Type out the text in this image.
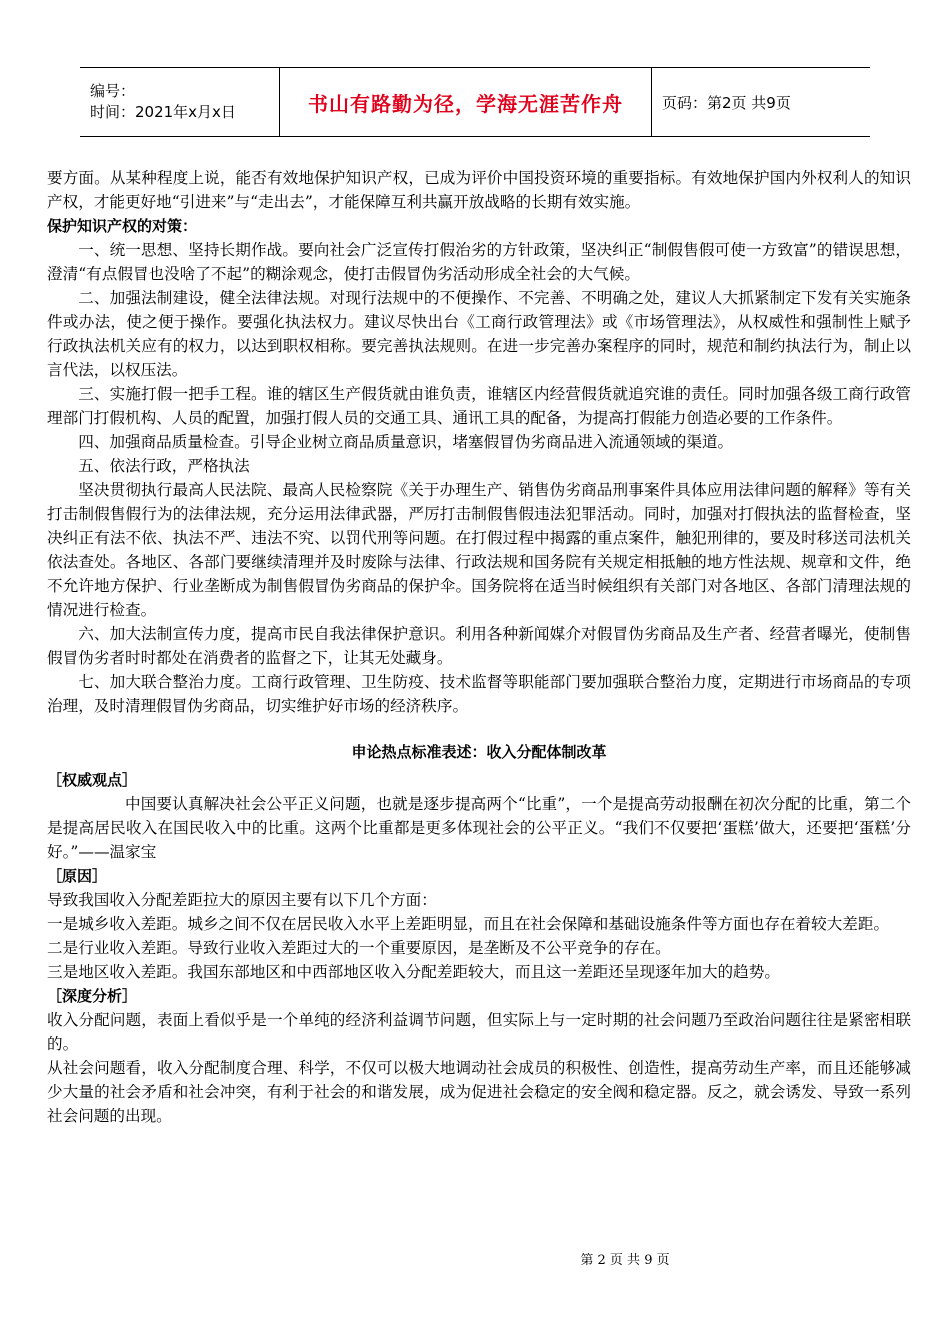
编号：
时间：2021年x月x日	书山有路勤为径，学海无涯苦作舟	页码：第2页 共9页

要方面。从某种程度上说，能否有效地保护知识产权，已成为评价中国投资环境的重要指标。有效地保护国内外权利人的知识产权，才能更好地“引进来”与“走出去”，才能保障互利共赢开放战略的长期有效实施。

保护知识产权的对策：

一、统一思想、坚持长期作战。要向社会广泛宣传打假治劣的方针政策，坚决纠正“制假售假可使一方致富”的错误思想，澄清“有点假冒也没啥了不起”的糊涂观念，使打击假冒伪劣活动形成全社会的大气候。

二、加强法制建设，健全法律法规。对现行法规中的不便操作、不完善、不明确之处，建议人大抓紧制定下发有关实施条件或办法，使之便于操作。要强化执法权力。建议尽快出台《工商行政管理法》或《市场管理法》，从权威性和强制性上赋予行政执法机关应有的权力，以达到职权相称。要完善执法规则。在进一步完善办案程序的同时，规范和制约执法行为，制止以言代法，以权压法。

三、实施打假一把手工程。谁的辖区生产假货就由谁负责，谁辖区内经营假货就追究谁的责任。同时加强各级工商行政管理部门打假机构、人员的配置，加强打假人员的交通工具、通讯工具的配备，为提高打假能力创造必要的工作条件。

四、加强商品质量检查。引导企业树立商品质量意识，堵塞假冒伪劣商品进入流通领域的渠道。

五、依法行政，严格执法

坚决贯彻执行最高人民法院、最高人民检察院《关于办理生产、销售伪劣商品刑事案件具体应用法律问题的解释》等有关打击制假售假行为的法律法规，充分运用法律武器，严厉打击制假售假违法犯罪活动。同时，加强对打假执法的监督检查，坚决纠正有法不依、执法不严、违法不究、以罚代刑等问题。在打假过程中揭露的重点案件，触犯刑律的，要及时移送司法机关依法查处。各地区、各部门要继续清理并及时废除与法律、行政法规和国务院有关规定相抵触的地方性法规、规章和文件，绝不允许地方保护、行业垄断成为制售假冒伪劣商品的保护伞。国务院将在适当时候组织有关部门对各地区、各部门清理法规的情况进行检查。

六、加大法制宣传力度，提高市民自我法律保护意识。利用各种新闻媒介对假冒伪劣商品及生产者、经营者曝光，使制售假冒伪劣者时时都处在消费者的监督之下，让其无处藏身。

七、加大联合整治力度。工商行政管理、卫生防疫、技术监督等职能部门要加强联合整治力度，定期进行市场商品的专项治理，及时清理假冒伪劣商品，切实维护好市场的经济秩序。

申论热点标准表述：收入分配体制改革

［权威观点］

中国要认真解决社会公平正义问题，也就是逐步提高两个“比重”，一个是提高劳动报酬在初次分配的比重，第二个是提高居民收入在国民收入中的比重。这两个比重都是更多体现社会的公平正义。“我们不仅要把‘蛋糕’做大，还要把‘蛋糕’分好。”——温家宝

［原因］

导致我国收入分配差距拉大的原因主要有以下几个方面：

一是城乡收入差距。城乡之间不仅在居民收入水平上差距明显，而且在社会保障和基础设施条件等方面也存在着较大差距。

二是行业收入差距。导致行业收入差距过大的一个重要原因，是垄断及不公平竞争的存在。

三是地区收入差距。我国东部地区和中西部地区收入分配差距较大，而且这一差距还呈现逐年加大的趋势。

［深度分析］

收入分配问题，表面上看似乎是一个单纯的经济利益调节问题，但实际上与一定时期的社会问题乃至政治问题往往是紧密相联的。

从社会问题看，收入分配制度合理、科学，不仅可以极大地调动社会成员的积极性、创造性，提高劳动生产率，而且还能够减少大量的社会矛盾和社会冲突，有利于社会的和谐发展，成为促进社会稳定的安全阀和稳定器。反之，就会诱发、导致一系列社会问题的出现。

第 2 页 共 9 页
